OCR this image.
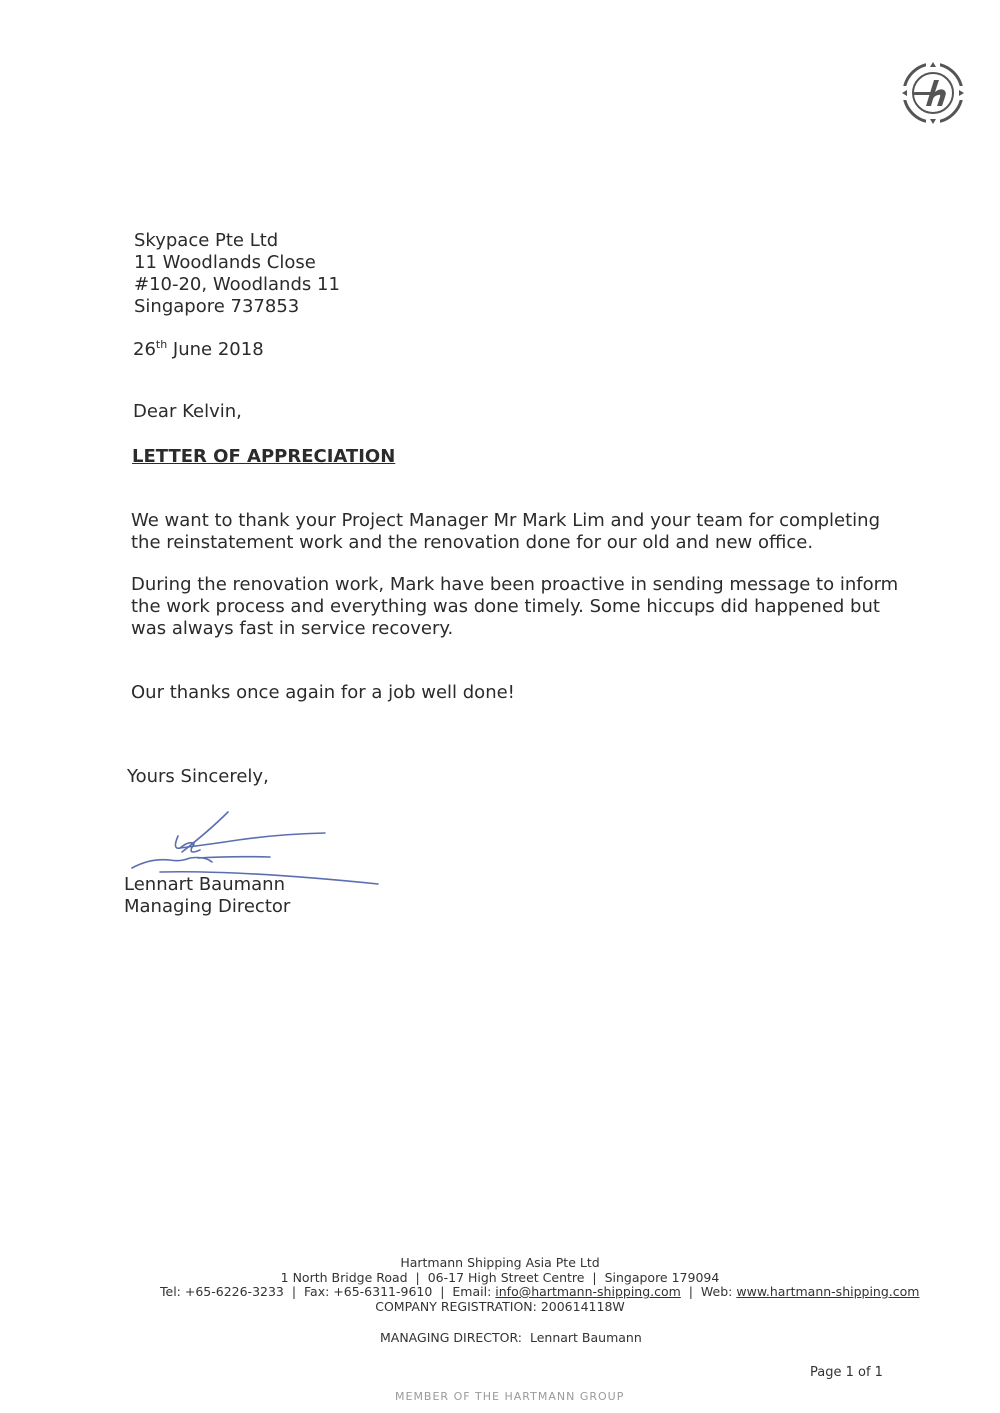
Skypace Pte Ltd
11 Woodlands Close
#10-20, Woodlands 11
Singapore 737853
26th June 2018
Dear Kelvin,
LETTER OF APPRECIATION
We want to thank your Project Manager Mr Mark Lim and your team for completing the reinstatement work and the renovation done for our old and new office.
During the renovation work, Mark have been proactive in sending message to inform the work process and everything was done timely. Some hiccups did happened but was always fast in service recovery.
Our thanks once again for a job well done!
Yours Sincerely,
Lennart Baumann
Managing Director
Hartmann Shipping Asia Pte Ltd
1 North Bridge Road  |  06-17 High Street Centre  |  Singapore 179094
Tel: +65-6226-3233  |  Fax: +65-6311-9610  |  Email: info@hartmann-shipping.com  |  Web: www.hartmann-shipping.com
COMPANY REGISTRATION: 200614118W
MANAGING DIRECTOR:  Lennart Baumann
Page 1 of 1
MEMBER OF THE HARTMANN GROUP
